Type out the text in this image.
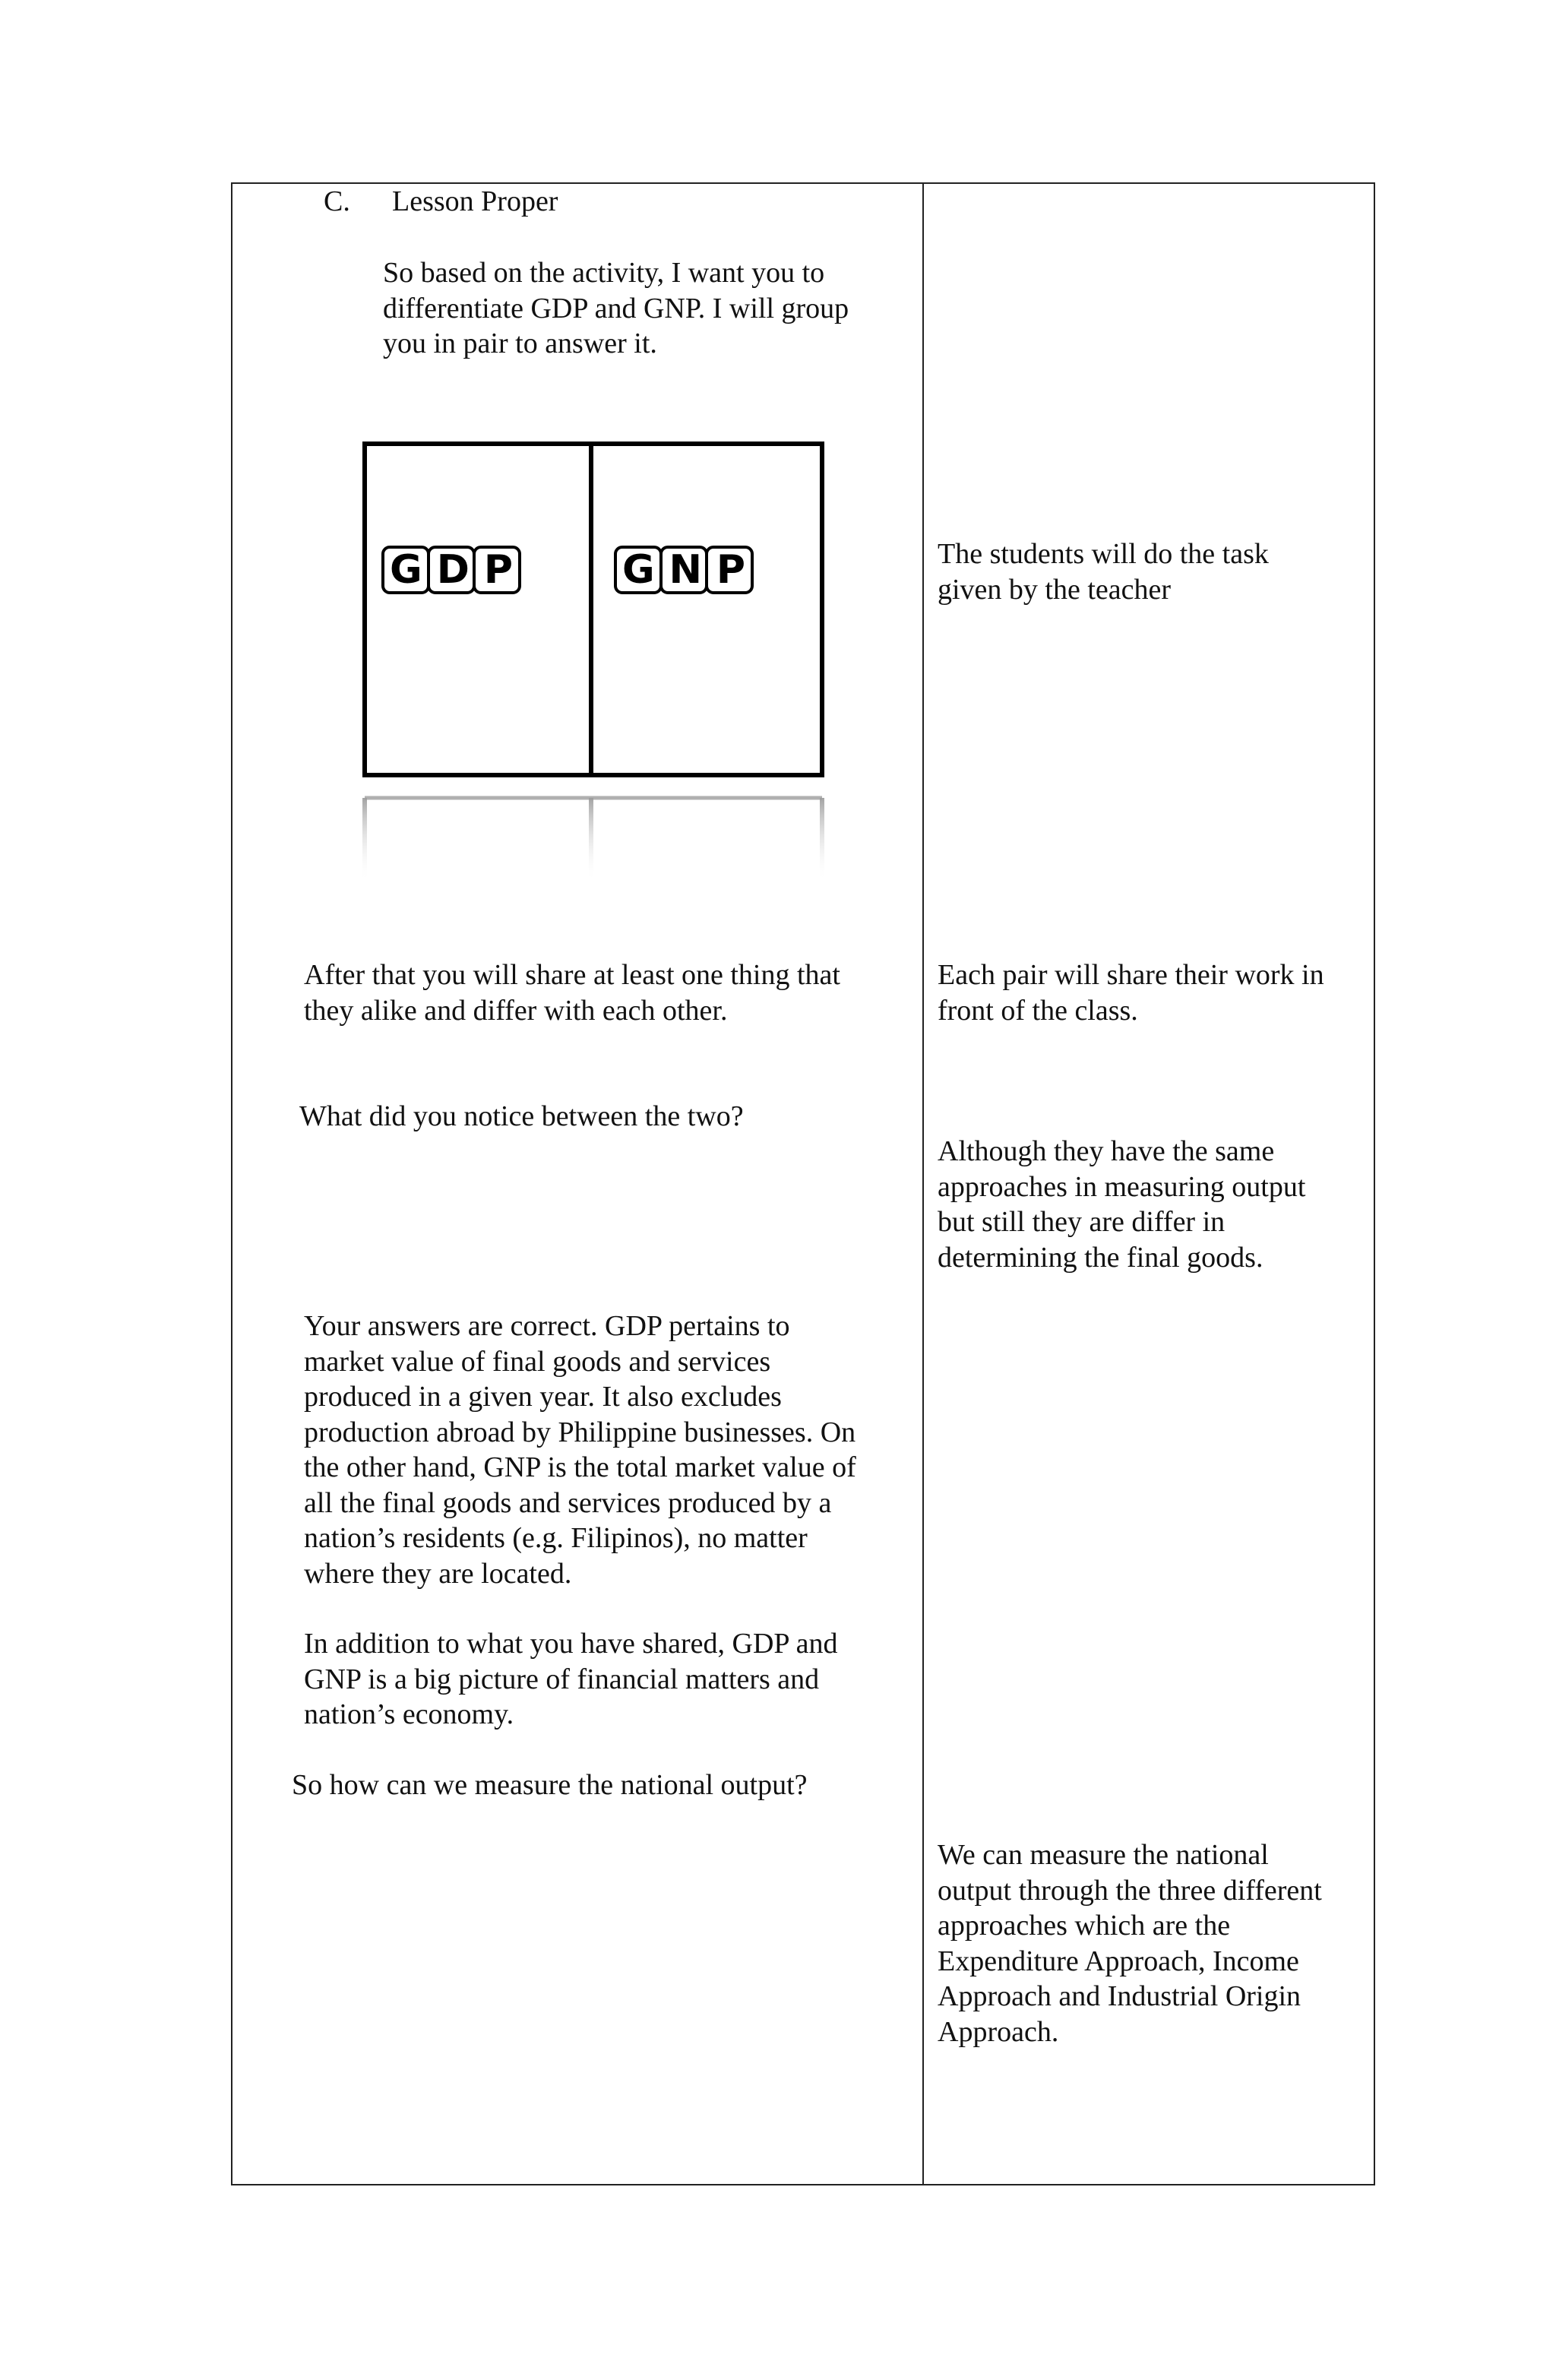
C. Lesson Proper
So based on the activity, I want you to
differentiate GDP and GNP. I will group
you in pair to answer it.
GDP	GNP
After that you will share at least one thing that
they alike and differ with each other.
What did you notice between the two?
Your answers are correct. GDP pertains to
market value of final goods and services
produced in a given year. It also excludes
production abroad by Philippine businesses. On
the other hand, GNP is the total market value of
all the final goods and services produced by a
nation’s residents (e.g. Filipinos), no matter
where they are located.
In addition to what you have shared, GDP and
GNP is a big picture of financial matters and
nation’s economy.
So how can we measure the national output?
The students will do the task
given by the teacher
Each pair will share their work in
front of the class.
Although they have the same
approaches in measuring output
but still they are differ in
determining the final goods.
We can measure the national
output through the three different
approaches which are the
Expenditure Approach, Income
Approach and Industrial Origin
Approach.
